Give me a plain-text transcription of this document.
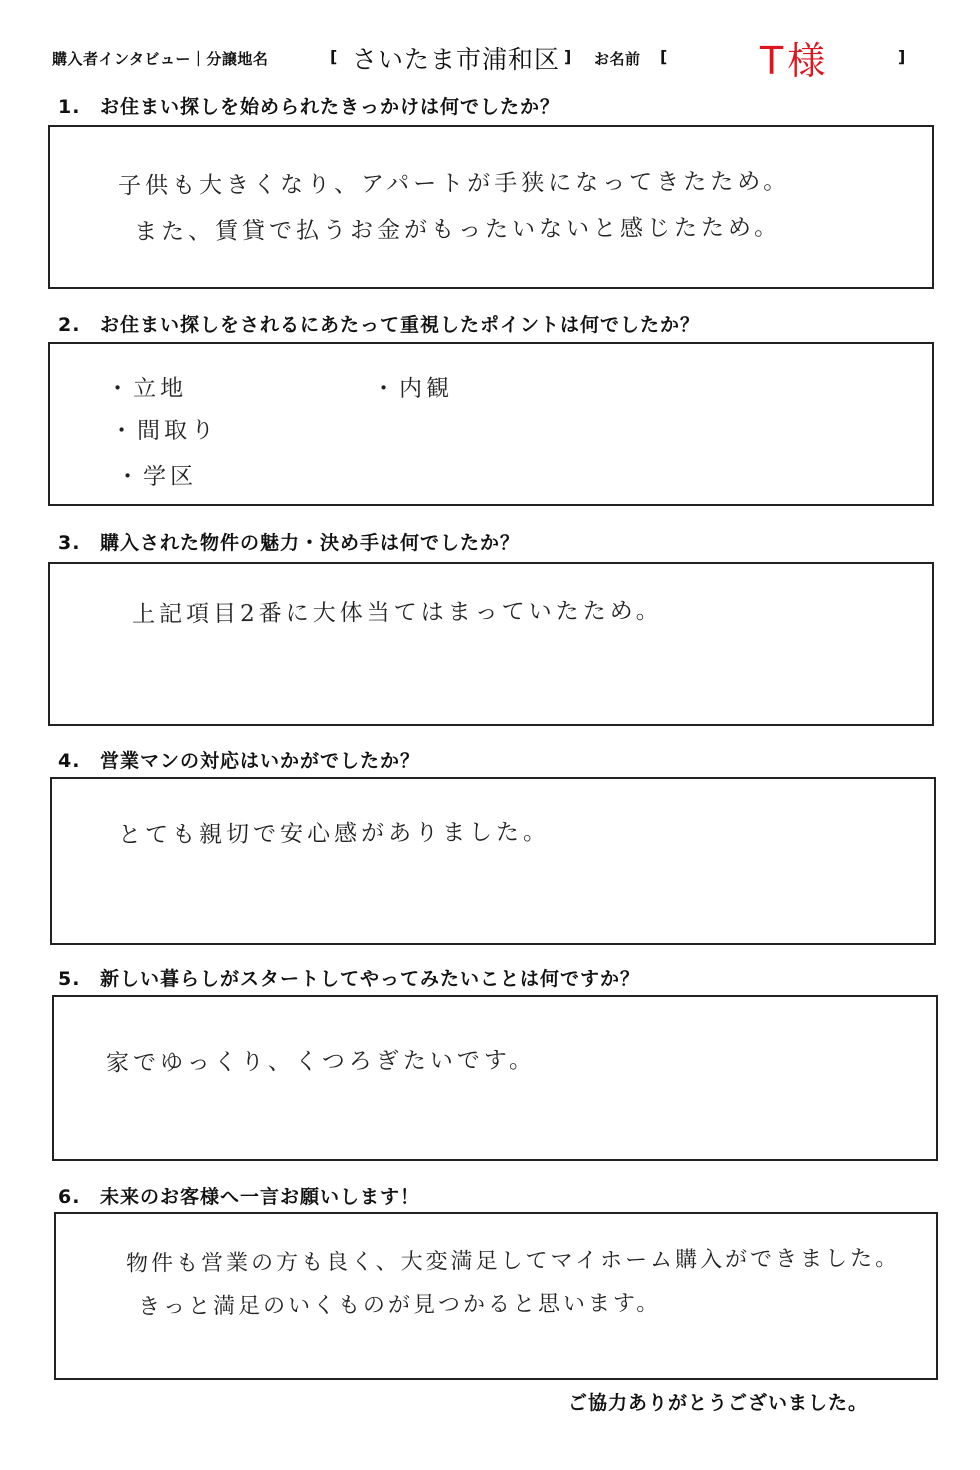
購入者インタビュー｜分譲地名	[ さいたま市浦和区 ] お名前 [ T様	]
1. お住まい探しを始められたきっかけは何でしたか？
子供も大きくなり、アパートが手狭になってきたため。
また、賃貸で払うお金がもったいないと感じたため。
2. お住まい探しをされるにあたって重視したポイントは何でしたか？
・立地
・間取り
・学区
・内観
3. 購入された物件の魅力・決め手は何でしたか？
上記項目2番に大体当てはまっていたため。
4. 営業マンの対応はいかがでしたか？
とても親切で安心感がありました。
5. 新しい暮らしがスタートしてやってみたいことは何ですか？
家でゆっくり、くつろぎたいです。
6. 未来のお客様へ一言お願いします！
物件も営業の方も良く、大変満足してマイホーム購入ができました。
きっと満足のいくものが見つかると思います。
ご協力ありがとうございました。
